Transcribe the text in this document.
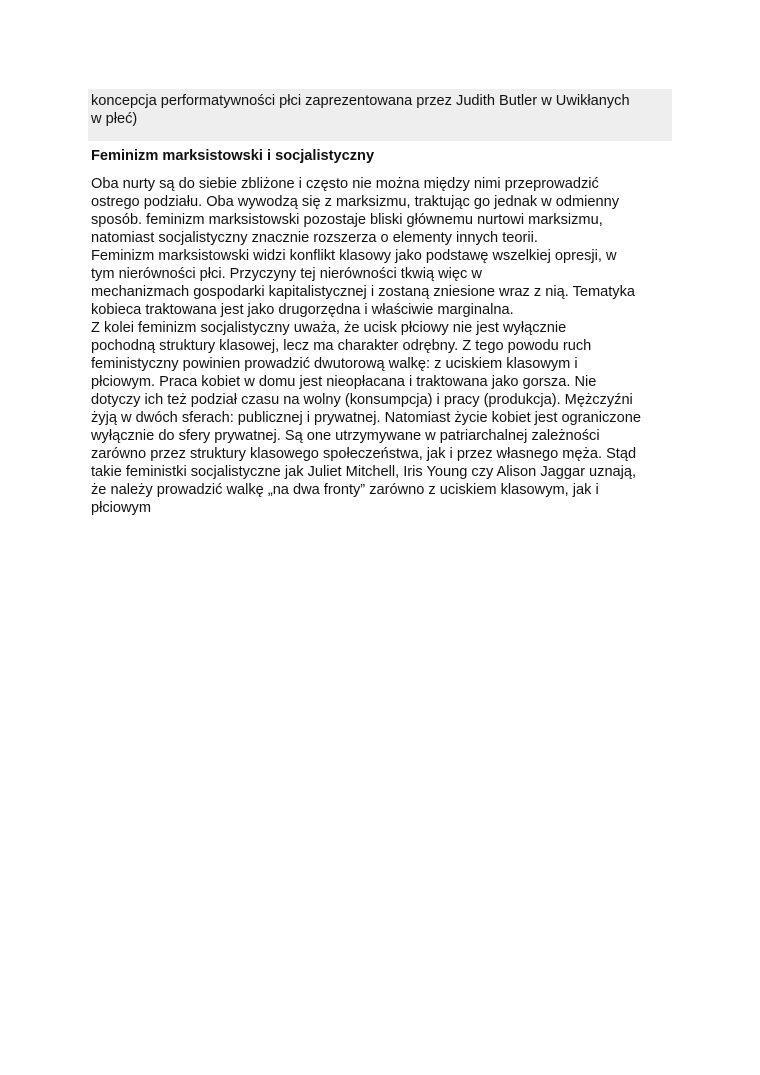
koncepcja performatywności płci zaprezentowana przez Judith Butler w Uwikłanych
w płeć)

Feminizm marksistowski i socjalistyczny

Oba nurty są do siebie zbliżone i często nie można między nimi przeprowadzić
ostrego podziału. Oba wywodzą się z marksizmu, traktując go jednak w odmienny
sposób. feminizm marksistowski pozostaje bliski głównemu nurtowi marksizmu,
natomiast socjalistyczny znacznie rozszerza o elementy innych teorii.
Feminizm marksistowski widzi konflikt klasowy jako podstawę wszelkiej opresji, w
tym nierówności płci. Przyczyny tej nierówności tkwią więc w
mechanizmach gospodarki kapitalistycznej i zostaną zniesione wraz z nią. Tematyka
kobieca traktowana jest jako drugorzędna i właściwie marginalna.
Z kolei feminizm socjalistyczny uważa, że ucisk płciowy nie jest wyłącznie
pochodną struktury klasowej, lecz ma charakter odrębny. Z tego powodu ruch
feministyczny powinien prowadzić dwutorową walkę: z uciskiem klasowym i
płciowym. Praca kobiet w domu jest nieopłacana i traktowana jako gorsza. Nie
dotyczy ich też podział czasu na wolny (konsumpcja) i pracy (produkcja). Mężczyźni
żyją w dwóch sferach: publicznej i prywatnej. Natomiast życie kobiet jest ograniczone
wyłącznie do sfery prywatnej. Są one utrzymywane w patriarchalnej zależności
zarówno przez struktury klasowego społeczeństwa, jak i przez własnego męża. Stąd
takie feministki socjalistyczne jak Juliet Mitchell, Iris Young czy Alison Jaggar uznają,
że należy prowadzić walkę „na dwa fronty” zarówno z uciskiem klasowym, jak i
płciowym
